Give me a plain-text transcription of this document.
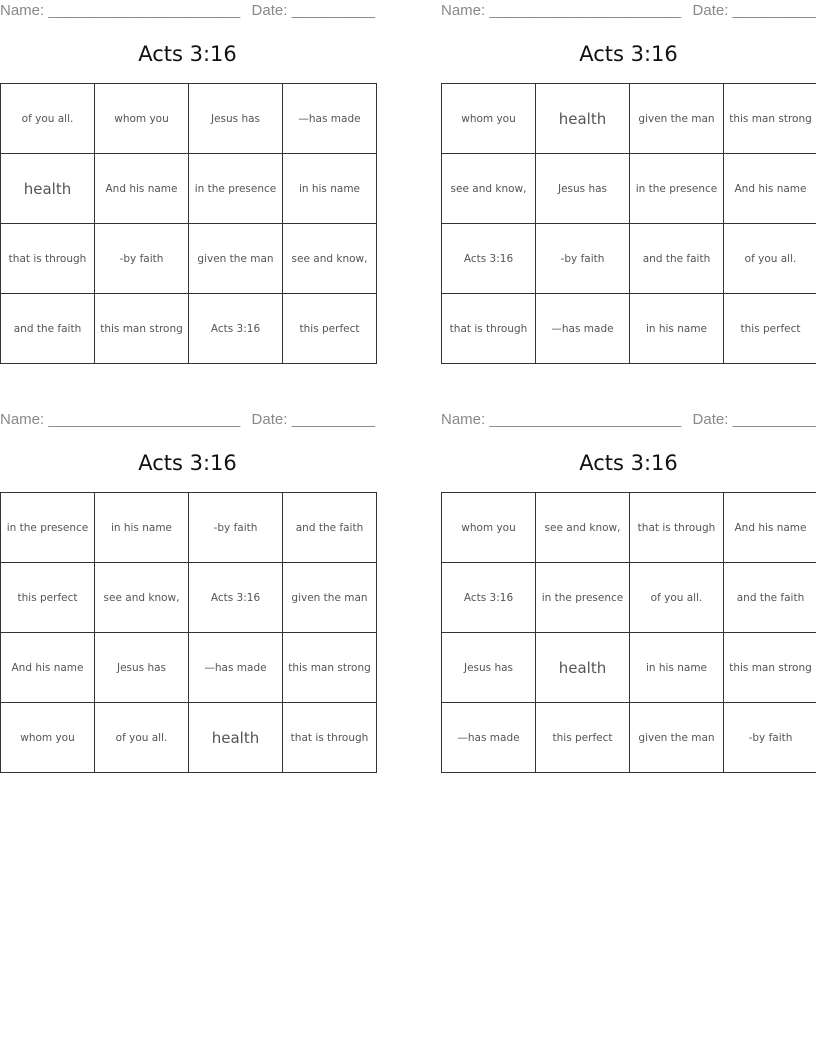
Name: _______________________ Date: __________
Acts 3:16
of you all.	whom you	Jesus has	—has made
health	And his name	in the presence	in his name
that is through	-by faith	given the man	see and know,
and the faith	this man strong	Acts 3:16	this perfect
Name: _______________________ Date: __________
Acts 3:16
whom you	health	given the man	this man strong
see and know,	Jesus has	in the presence	And his name
Acts 3:16	-by faith	and the faith	of you all.
that is through	—has made	in his name	this perfect
Name: _______________________ Date: __________
Acts 3:16
in the presence	in his name	-by faith	and the faith
this perfect	see and know,	Acts 3:16	given the man
And his name	Jesus has	—has made	this man strong
whom you	of you all.	health	that is through
Name: _______________________ Date: __________
Acts 3:16
whom you	see and know,	that is through	And his name
Acts 3:16	in the presence	of you all.	and the faith
Jesus has	health	in his name	this man strong
—has made	this perfect	given the man	-by faith
